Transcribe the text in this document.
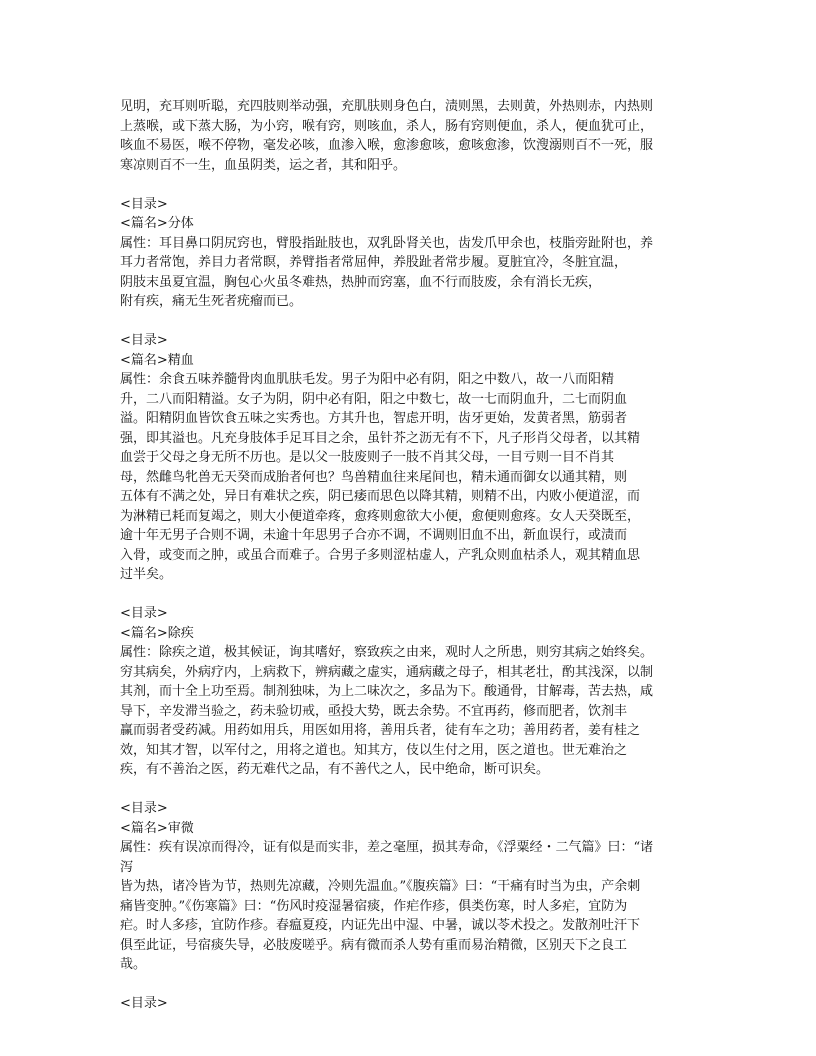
见明，充耳则听聪，充四肢则举动强，充肌肤则身色白，渍则黑，去则黄，外热则赤，内热则
上蒸喉，或下蒸大肠，为小窍，喉有窍，则咳血，杀人，肠有窍则便血，杀人，便血犹可止，
咳血不易医，喉不停物，毫发必咳，血渗入喉，愈渗愈咳，愈咳愈渗，饮溲溺则百不一死，服
寒凉则百不一生，血虽阴类，运之者，其和阳乎。
<目录>
<篇名>分体
属性：耳目鼻口阴尻窍也，臂股指趾肢也，双乳卧肾关也，齿发爪甲余也，枝脂旁趾附也，养
耳力者常饱，养目力者常瞑，养臂指者常屈伸，养股趾者常步履。夏脏宜冷，冬脏宜温，
阴肢末虽夏宜温，胸包心火虽冬难热，热肿而窍塞，血不行而肢废，余有消长无疾，
附有疾，痛无生死者疣瘤而已。
<目录>
<篇名>精血
属性：余食五味养髓骨肉血肌肤毛发。男子为阳中必有阴，阳之中数八，故一八而阳精
升，二八而阳精溢。女子为阴，阴中必有阳，阳之中数七，故一七而阴血升，二七而阴血
溢。阳精阴血皆饮食五味之实秀也。方其升也，智虑开明，齿牙更始，发黄者黑，筋弱者
强，即其溢也。凡充身肢体手足耳目之余，虽针芥之沥无有不下，凡子形肖父母者，以其精
血尝于父母之身无所不历也。是以父一肢废则子一肢不肖其父母，一目亏则一目不肖其
母，然雌鸟牝兽无天癸而成胎者何也？鸟兽精血往来尾间也，精未通而御女以通其精，则
五体有不满之处，异日有难状之疾，阴已痿而思色以降其精，则精不出，内败小便道涩，而
为淋精已耗而复竭之，则大小便道牵疼，愈疼则愈欲大小便，愈便则愈疼。女人天癸既至，
逾十年无男子合则不调，未逾十年思男子合亦不调，不调则旧血不出，新血误行，或渍而
入骨，或变而之肿，或虽合而难子。合男子多则涩枯虚人，产乳众则血枯杀人，观其精血思
过半矣。
<目录>
<篇名>除疾
属性：除疾之道，极其候证，询其嗜好，察致疾之由来，观时人之所患，则穷其病之始终矣。
穷其病矣，外病疗内，上病救下，辨病藏之虚实，通病藏之母子，相其老壮，酌其浅深，以制
其剂，而十全上功至焉。制剂独味，为上二味次之，多品为下。酸通骨，甘解毒，苦去热，咸
导下，辛发滞当验之，药未验切戒，亟投大势，既去余势。不宜再药，修而肥者，饮剂丰
赢而弱者受药减。用药如用兵，用医如用将，善用兵者，徒有车之功；善用药者，姜有桂之
效，知其才智，以军付之，用将之道也。知其方，伎以生付之用，医之道也。世无难治之
疾，有不善治之医，药无难代之品，有不善代之人，民中绝命，断可识矣。
<目录>
<篇名>审微
属性：疾有误凉而得冷，证有似是而实非，差之毫厘，损其寿命，《浮粟经・二气篇》曰：“诸
泻
皆为热，诸冷皆为节，热则先凉藏，冷则先温血。”《腹疾篇》曰：“干痛有时当为虫，产余刺
痛皆变肿。”《伤寒篇》曰：“伤风时疫湿暑宿痰，作疟作疹，俱类伤寒，时人多疟，宜防为
疟。时人多疹，宜防作疹。春瘟夏疫，内证先出中湿、中暑，诚以苓术投之。发散剂吐汗下
俱至此证，号宿痰失导，必肢废嗟乎。病有微而杀人势有重而易治精微，区别天下之良工
哉。
<目录>
